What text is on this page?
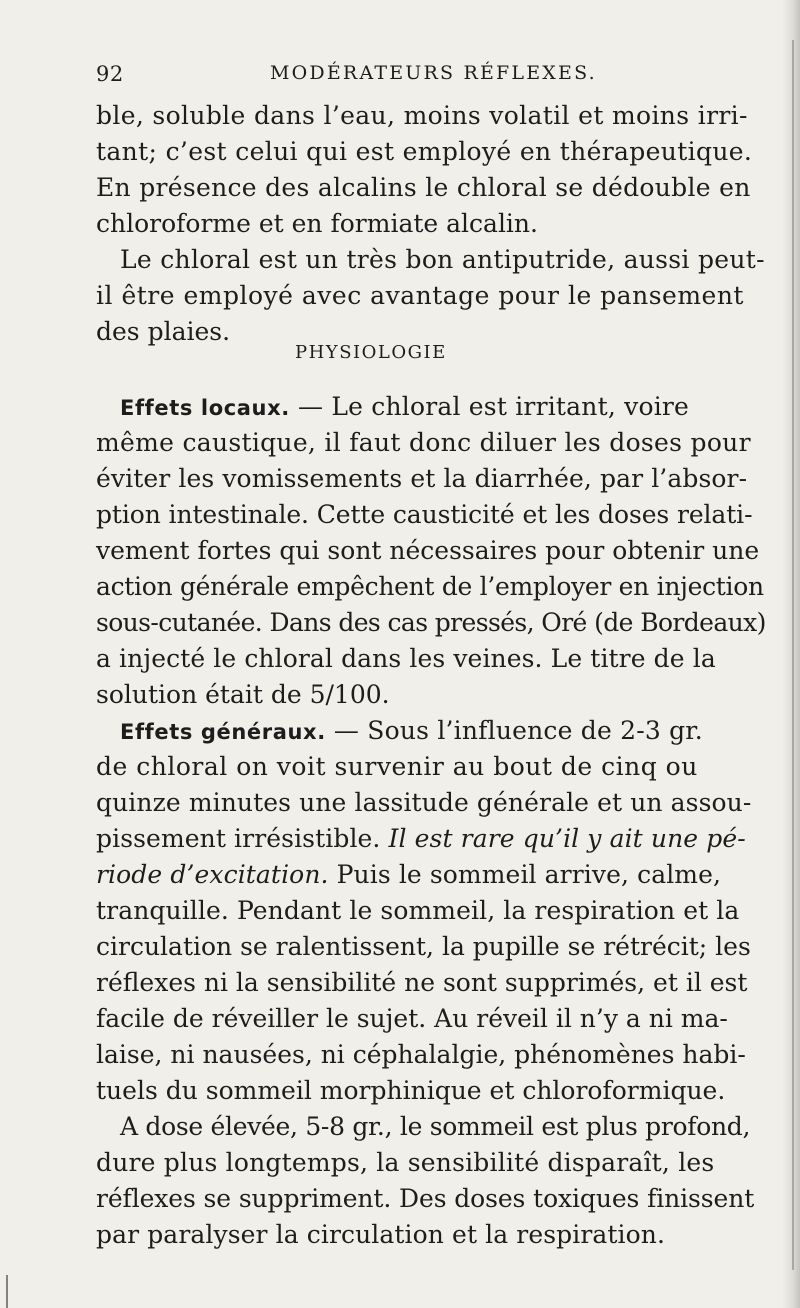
92	MODÉRATEURS RÉFLEXES.
ble, soluble dans l’eau, moins volatil et moins irri-
tant; c’est celui qui est employé en thérapeutique.
En présence des alcalins le chloral se dédouble en
chloroforme et en formiate alcalin.
Le chloral est un très bon antiputride, aussi peut-
il être employé avec avantage pour le pansement
des plaies.
PHYSIOLOGIE
Effets locaux. — Le chloral est irritant, voire
même caustique, il faut donc diluer les doses pour
éviter les vomissements et la diarrhée, par l’absor-
ption intestinale. Cette causticité et les doses relati-
vement fortes qui sont nécessaires pour obtenir une
action générale empêchent de l’employer en injection
sous-cutanée. Dans des cas pressés, Oré (de Bordeaux)
a injecté le chloral dans les veines. Le titre de la
solution était de 5/100.
Effets généraux. — Sous l’influence de 2-3 gr.
de chloral on voit survenir au bout de cinq ou
quinze minutes une lassitude générale et un assou-
pissement irrésistible. Il est rare qu’il y ait une pé-
riode d’excitation. Puis le sommeil arrive, calme,
tranquille. Pendant le sommeil, la respiration et la
circulation se ralentissent, la pupille se rétrécit; les
réflexes ni la sensibilité ne sont supprimés, et il est
facile de réveiller le sujet. Au réveil il n’y a ni ma-
laise, ni nausées, ni céphalalgie, phénomènes habi-
tuels du sommeil morphinique et chloroformique.
A dose élevée, 5-8 gr., le sommeil est plus profond,
dure plus longtemps, la sensibilité disparaît, les
réflexes se suppriment. Des doses toxiques finissent
par paralyser la circulation et la respiration.
